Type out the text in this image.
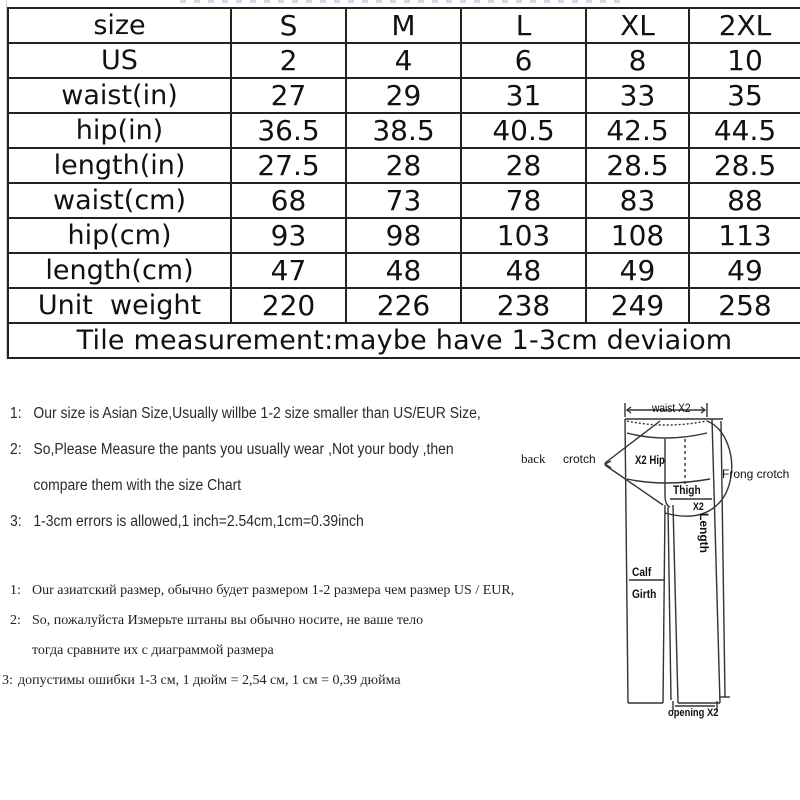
size	S	M	L	XL	2XL
US	2	4	6	8	10
waist(in)	27	29	31	33	35
hip(in)	36.5	38.5	40.5	42.5	44.5
length(in)	27.5	28	28	28.5	28.5
waist(cm)	68	73	78	83	88
hip(cm)	93	98	103	108	113
length(cm)	47	48	48	49	49
Unit  weight	220	226	238	249	258
Tile measurement:maybe have 1-3cm deviaiom					
1: Our size is Asian Size,Usually willbe 1-2 size smaller than US/EUR Size,
2: So,Please Measure the pants you usually wear ,Not your body ,then
compare them with the size Chart
3: 1-3cm errors is allowed,1 inch=2.54cm,1cm=0.39inch
1: Our азиатский размер, обычно будет размером 1-2 размера чем размер US / EUR,
2: So, пожалуйста Измерьте штаны вы обычно носите, не ваше тело
тогда сравните их с диаграммой размера
3: допустимы ошибки 1-3 см, 1 дюйм = 2,54 см, 1 см = 0,39 дюйма
waist X2
back crotch	X2 Hip
Frong crotch
Thigh
X2
Length
Calf
Girth
opening X2
